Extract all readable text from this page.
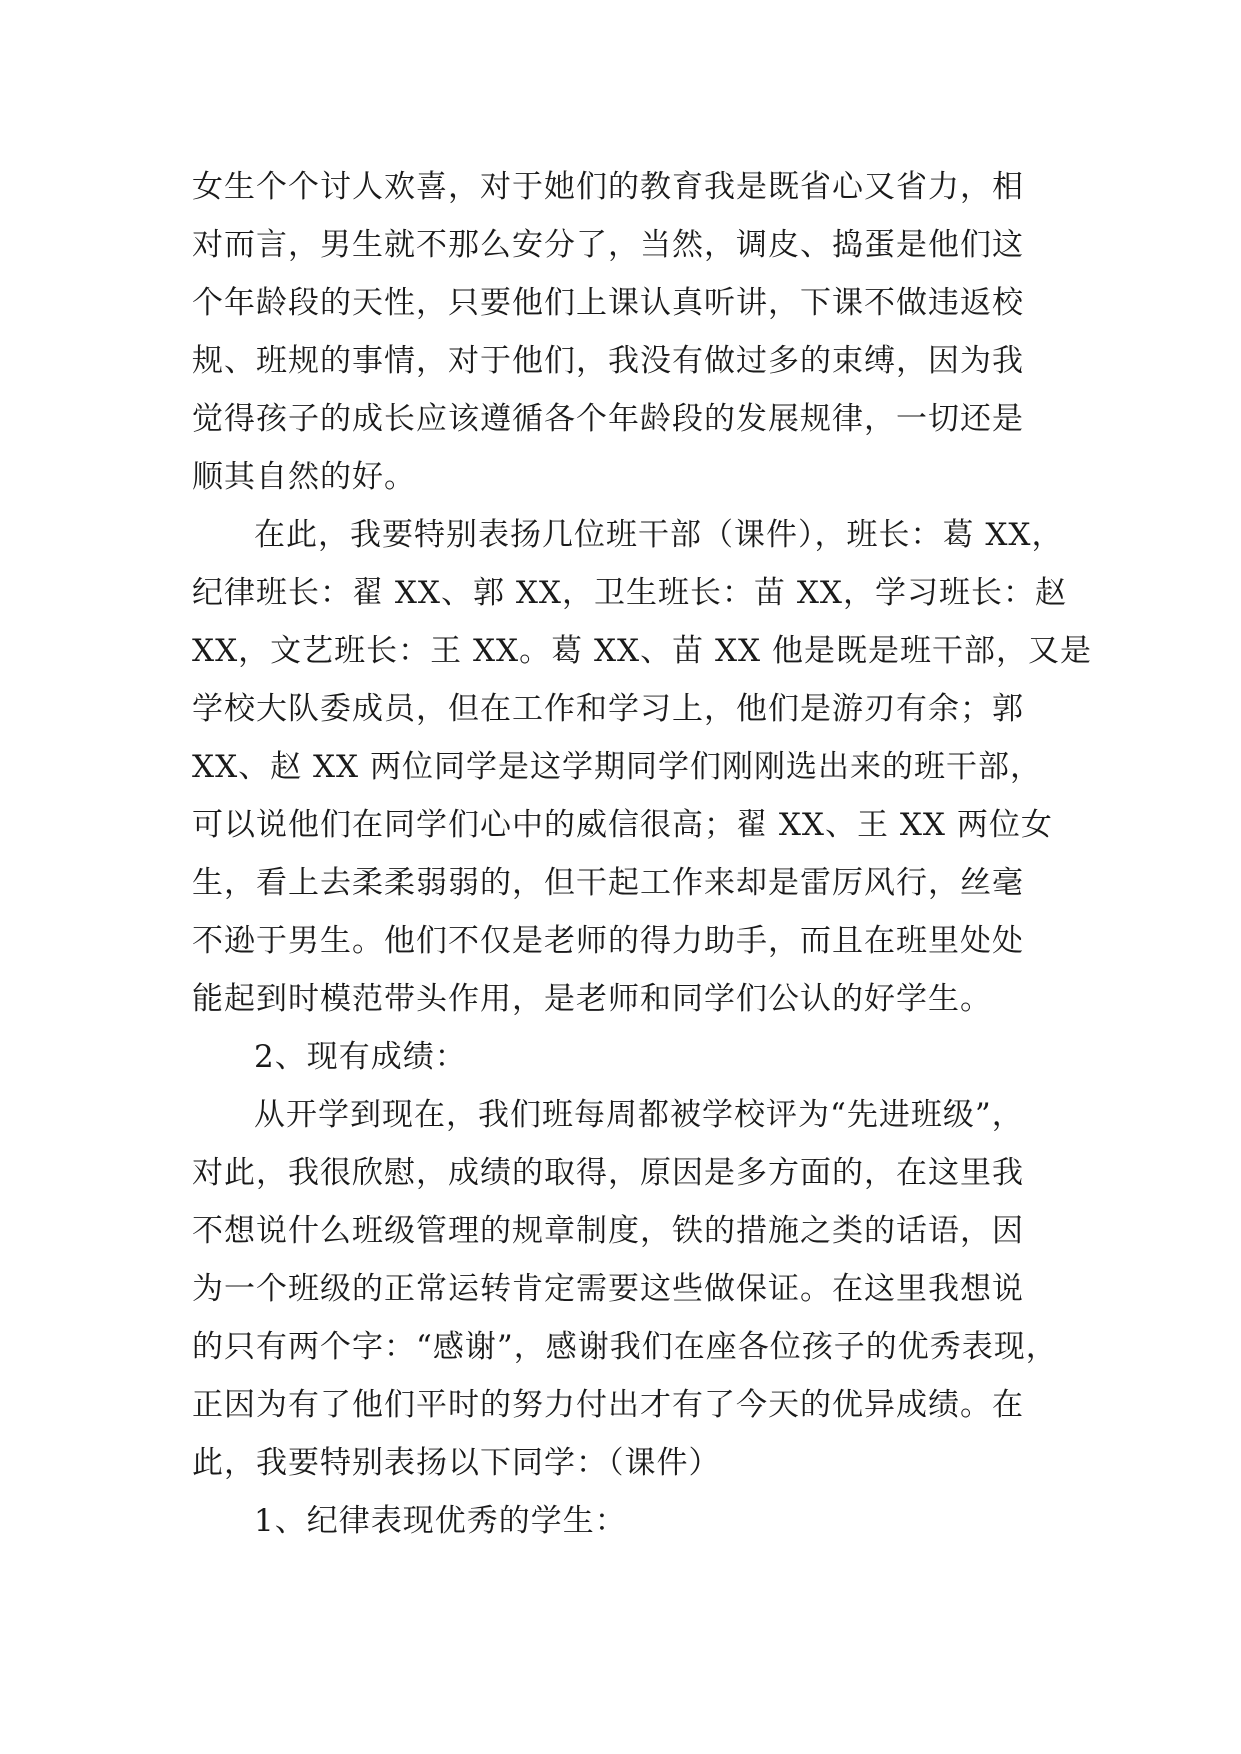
女生个个讨人欢喜，对于她们的教育我是既省心又省力，相
对而言，男生就不那么安分了，当然，调皮、捣蛋是他们这
个年龄段的天性，只要他们上课认真听讲，下课不做违返校
规、班规的事情，对于他们，我没有做过多的束缚，因为我
觉得孩子的成长应该遵循各个年龄段的发展规律，一切还是
顺其自然的好。
在此，我要特别表扬几位班干部（课件），班长：葛 XX，
纪律班长：翟 XX、郭 XX，卫生班长：苗 XX，学习班长：赵
XX，文艺班长：王 XX。葛 XX、苗 XX 他是既是班干部，又是
学校大队委成员，但在工作和学习上，他们是游刃有余；郭
XX、赵 XX 两位同学是这学期同学们刚刚选出来的班干部，
可以说他们在同学们心中的威信很高；翟 XX、王 XX 两位女
生，看上去柔柔弱弱的，但干起工作来却是雷厉风行，丝毫
不逊于男生。他们不仅是老师的得力助手，而且在班里处处
能起到时模范带头作用，是老师和同学们公认的好学生。
2、现有成绩：
从开学到现在，我们班每周都被学校评为“先进班级”，
对此，我很欣慰，成绩的取得，原因是多方面的，在这里我
不想说什么班级管理的规章制度，铁的措施之类的话语，因
为一个班级的正常运转肯定需要这些做保证。在这里我想说
的只有两个字：“感谢”，感谢我们在座各位孩子的优秀表现，
正因为有了他们平时的努力付出才有了今天的优异成绩。在
此，我要特别表扬以下同学：（课件）
1、纪律表现优秀的学生：
